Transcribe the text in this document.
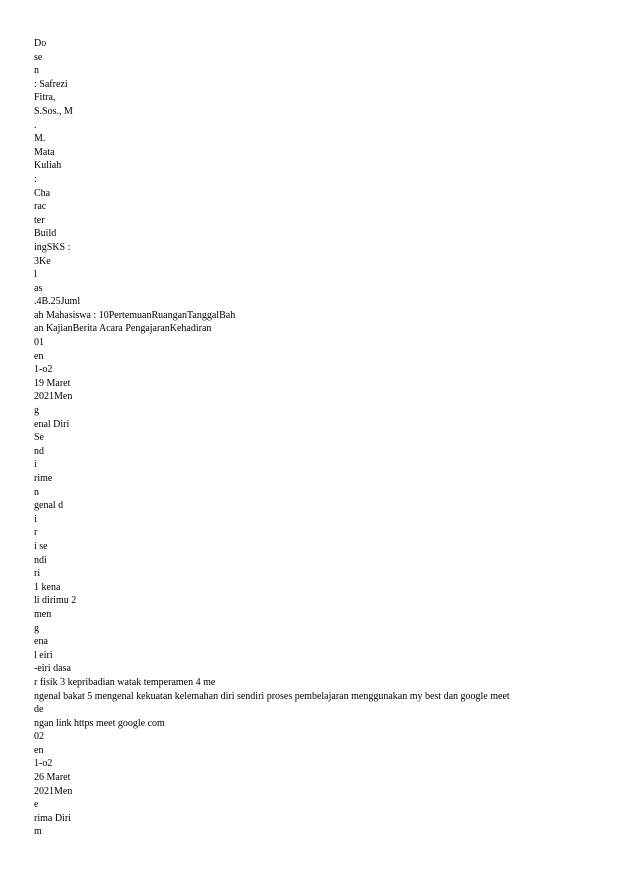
Do
se
n
: Safrezi
Fitra,
S.Sos., M
.
M.
Mata
Kuliah
:
Cha
rac
ter
Build
ingSKS :
3Ke
l
as
.4B.25Juml
ah Mahasiswa : 10PertemuanRuanganTanggalBah
an KajianBerita Acara PengajaranKehadiran
01
en
1-o2
19 Maret
2021Men
g
enal Diri
Se
nd
i
rime
n
genal d
i
r
i se
ndi
ri
1 kena
li dirimu 2
men
g
ena
l eiri
-eiri dasa
r fisik 3 kepribadian watak temperamen 4 me
ngenal bakat 5 mengenal kekuatan kelemahan diri sendiri proses pembelajaran menggunakan my best dan google meet
de
ngan link https meet google com
02
en
1-o2
26 Maret
2021Men
e
rima Diri
m
